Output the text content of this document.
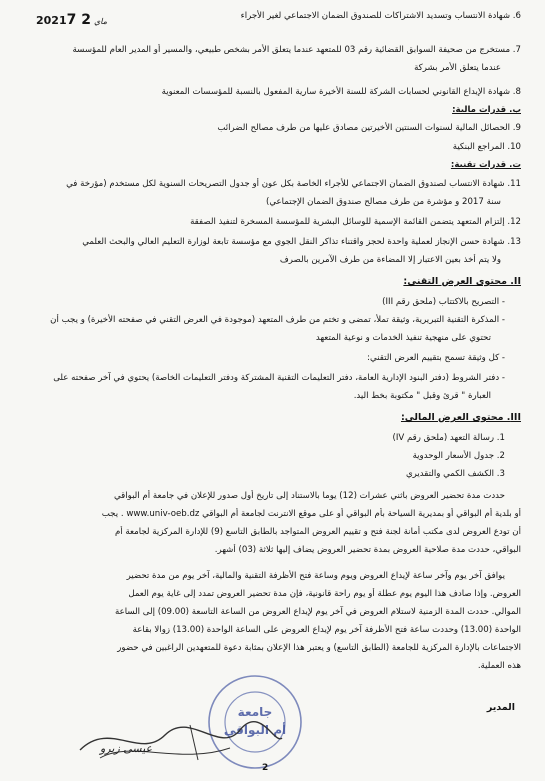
2021	ماي2 7	6. شهادة الانتساب وتسديد الاشتراكات للصندوق الضمان الاجتماعي لغير الأجراء
7. مستخرج من صحيفة السوابق القضائية رقم 03 للمتعهد عندما يتعلق الأمر بشخص طبيعي، والمسير أو المدير العام للمؤسسة
عندما يتعلق الأمر بشركة
8. شهادة الإيداع القانوني لحسابات الشركة للسنة الأخيرة سارية المفعول بالنسبة للمؤسسات المعنوية
ب. قدرات مالية:
9. الحصائل المالية لسنوات السنتين الأخيرتين مصادق عليها من طرف مصالح الضرائب
10. المراجع البنكية
ت. قدرات تقنية:
11. شهادة الانتساب لصندوق الضمان الاجتماعي للأجراء الخاصة بكل عون أو جدول التصريحات السنوية لكل مستخدم (مؤرخة في
سنة 2017 و مؤشرة من طرف مصالح صندوق الضمان الإجتماعي)
12. إلتزام المتعهد يتضمن القائمة الإسمية للوسائل البشرية للمؤسسة المسخرة لتنفيذ الصفقة
13. شهادة حسن الإنجاز لعملية واحدة لحجز واقتناء تذاكر النقل الجوي مع مؤسسة تابعة لوزارة التعليم العالي والبحث العلمي
ولا يتم أخذ بعين الاعتبار إلا المضاءة من طرف الآمرين بالصرف
II. محتوى العرض التقني:
- التصريح بالاكتتاب (ملحق رقم III)
- المذكرة التقنية التبريرية، وثيقة تملأ، تمضى و تختم من طرف المتعهد (موجودة في العرض التقني في صفحته الأخيرة) و يجب أن
تحتوي على منهجية تنفيذ الخدمات و نوعية المتعهد
- كل وثيقة تسمح بتقييم العرض التقني:
- دفتر الشروط (دفتر البنود الإدارية العامة، دفتر التعليمات التقنية المشتركة ودفتر التعليمات الخاصة) يحتوي في آخر صفحته على
العبارة " قرئ وقبل " مكتوبة بخط اليد.
III. محتوى العرض المالي:
1. رسالة التعهد (ملحق رقم IV)
2. جدول الأسعار الوحدوية
3. الكشف الكمي والتقديري
حددت مدة تحضير العروض باثني عشرات (12) يوما بالاستناد إلى تاريخ أول صدور للإعلان في جامعة أم البواقي
أو بلدية أم البواقي أو بمديرية السياحة بأم البواقي أو على موقع الانترنت لجامعة أم البواقي www.univ-oeb.dz . يجب
أن تودع العروض لدى مكتب أمانة لجنة فتح و تقييم العروض المتواجد بالطابق التاسع (9) للإدارة المركزية لجامعة أم
البواقي، حددت مدة صلاحية العروض بمدة تحضير العروض يضاف إليها ثلاثة (03) أشهر.
يوافق آخر يوم وآخر ساعة لإيداع العروض ويوم وساعة فتح الأظرفة التقنية والمالية، آخر يوم من مدة تحضير
العروض. وإذا صادف هذا اليوم يوم عطلة أو يوم راحة قانونية، فإن مدة تحضير العروض تمدد إلى غاية يوم العمل
الموالي. حددت المدة الزمنية لاستلام العروض في آخر يوم لإيداع العروض من الساعة التاسعة (09.00) إلى الساعة
الواحدة (13.00) وحددت ساعة فتح الأظرفة آخر يوم لإيداع العروض على الساعة الواحدة (13.00) زوالا بقاعة
الاجتماعات بالإدارة المركزية للجامعة (الطابق التاسع) و يعتبر هذا الإعلان بمثابة دعوة للمتعهدين الراغبين في حضور
هذه العملية.
المدير
جامعة
أم البواقي
عيسى زيرو
2
